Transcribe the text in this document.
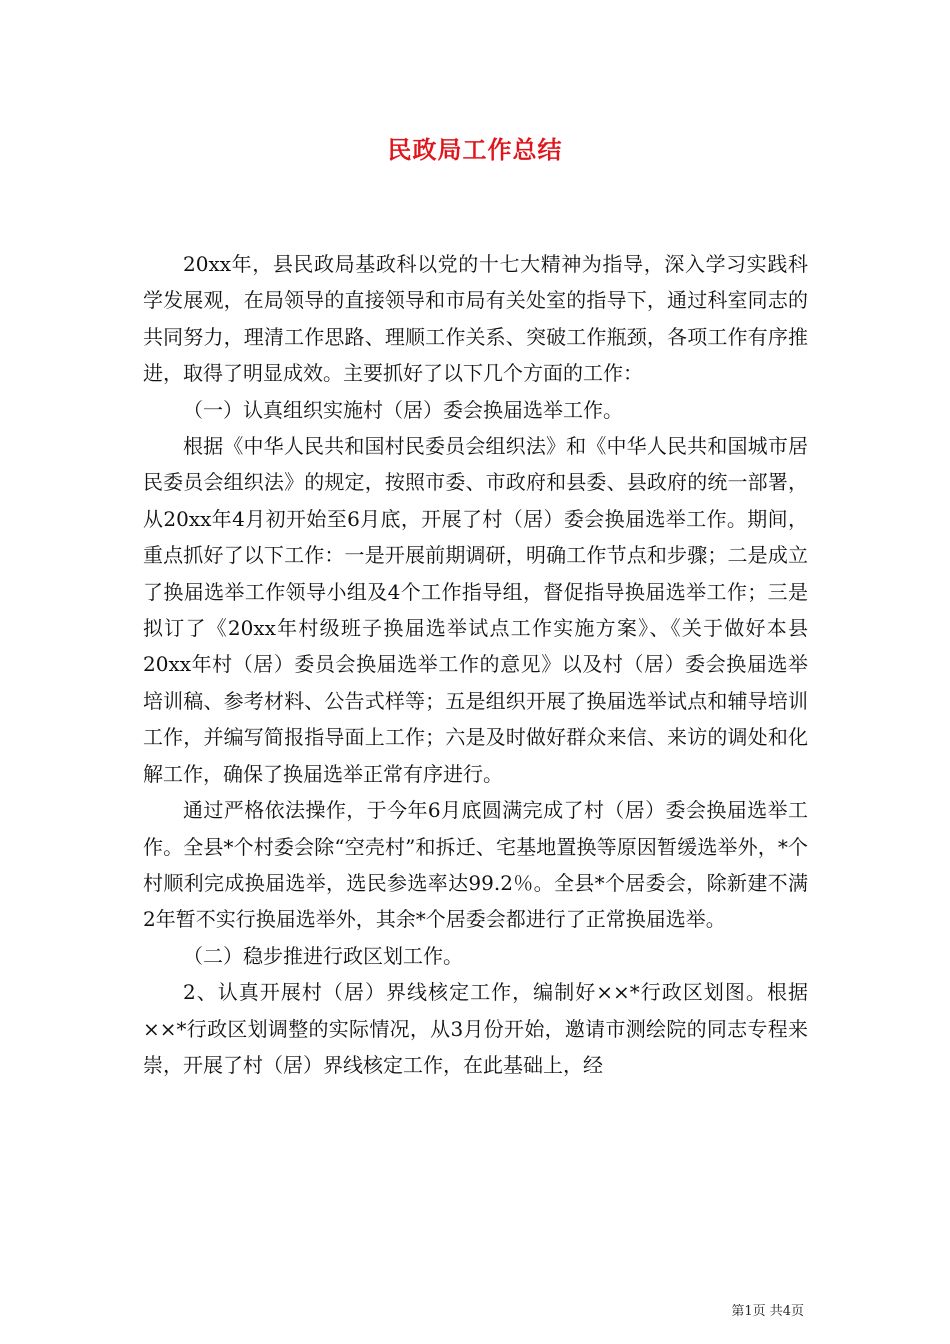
民政局工作总结

20xx年，县民政局基政科以党的十七大精神为指导，深入学习实践科学发展观，在局领导的直接领导和市局有关处室的指导下，通过科室同志的共同努力，理清工作思路、理顺工作关系、突破工作瓶颈，各项工作有序推进，取得了明显成效。主要抓好了以下几个方面的工作：

（一）认真组织实施村（居）委会换届选举工作。

根据《中华人民共和国村民委员会组织法》和《中华人民共和国城市居民委员会组织法》的规定，按照市委、市政府和县委、县政府的统一部署，从20xx年4月初开始至6月底，开展了村（居）委会换届选举工作。期间，重点抓好了以下工作：一是开展前期调研，明确工作节点和步骤；二是成立了换届选举工作领导小组及4个工作指导组，督促指导换届选举工作；三是拟订了《20xx年村级班子换届选举试点工作实施方案》、《关于做好本县20xx年村（居）委员会换届选举工作的意见》以及村（居）委会换届选举培训稿、参考材料、公告式样等；五是组织开展了换届选举试点和辅导培训工作，并编写简报指导面上工作；六是及时做好群众来信、来访的调处和化解工作，确保了换届选举正常有序进行。

通过严格依法操作，于今年6月底圆满完成了村（居）委会换届选举工作。全县*个村委会除“空壳村”和拆迁、宅基地置换等原因暂缓选举外，*个村顺利完成换届选举，选民参选率达99.2％。全县*个居委会，除新建不满2年暂不实行换届选举外，其余*个居委会都进行了正常换届选举。

（二）稳步推进行政区划工作。

2、认真开展村（居）界线核定工作，编制好××*行政区划图。根据××*行政区划调整的实际情况，从3月份开始，邀请市测绘院的同志专程来崇，开展了村（居）界线核定工作，在此基础上，经

第1页 共4页
